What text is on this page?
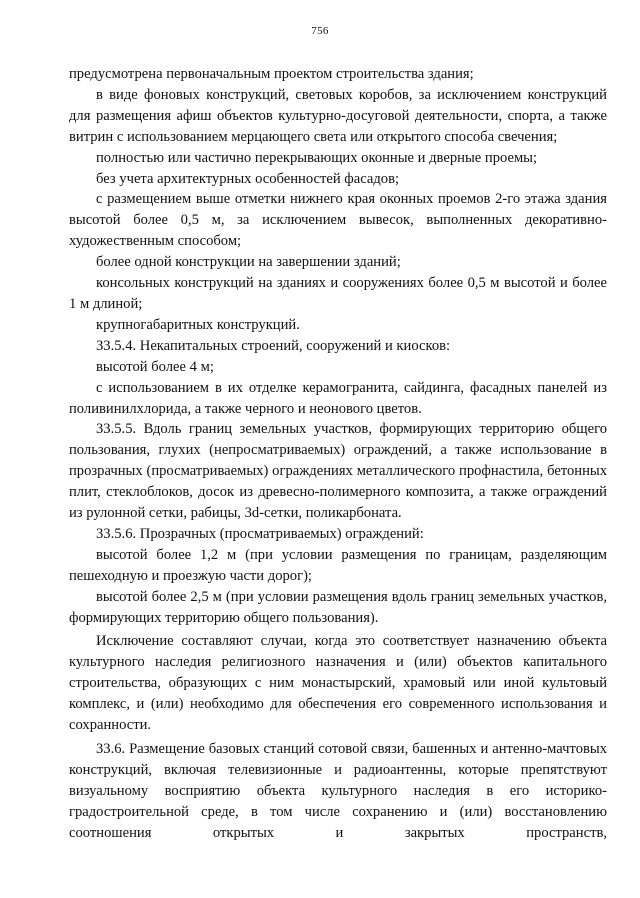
756

предусмотрена первоначальным проектом строительства здания;

в виде фоновых конструкций, световых коробов, за исключением конструкций для размещения афиш объектов культурно-досуговой деятельности, спорта, а также витрин с использованием мерцающего света или открытого способа свечения;

полностью или частично перекрывающих оконные и дверные проемы;

без учета архитектурных особенностей фасадов;

с размещением выше отметки нижнего края оконных проемов 2-го этажа здания высотой более 0,5 м, за исключением вывесок, выполненных декоративно-художественным способом;

более одной конструкции на завершении зданий;

консольных конструкций на зданиях и сооружениях более 0,5 м высотой и более 1 м длиной;

крупногабаритных конструкций.

33.5.4. Некапитальных строений, сооружений и киосков:

высотой более 4 м;

с использованием в их отделке керамогранита, сайдинга, фасадных панелей из поливинилхлорида, а также черного и неонового цветов.

33.5.5. Вдоль границ земельных участков, формирующих территорию общего пользования, глухих (непросматриваемых) ограждений, а также использование в прозрачных (просматриваемых) ограждениях металлического профнастила, бетонных плит, стеклоблоков, досок из древесно-полимерного композита, а также ограждений из рулонной сетки, рабицы, 3d-сетки, поликарбоната.

33.5.6. Прозрачных (просматриваемых) ограждений:

высотой более 1,2 м (при условии размещения по границам, разделяющим пешеходную и проезжую части дорог);

высотой более 2,5 м (при условии размещения вдоль границ земельных участков, формирующих территорию общего пользования).

Исключение составляют случаи, когда это соответствует назначению объекта культурного наследия религиозного назначения и (или) объектов капитального строительства, образующих с ним монастырский, храмовый или иной культовый комплекс, и (или) необходимо для обеспечения его современного использования и сохранности.

33.6. Размещение базовых станций сотовой связи, башенных и антенно-мачтовых конструкций, включая телевизионные и радиоантенны, которые препятствуют визуальному восприятию объекта культурного наследия в его историко-градостроительной среде, в том числе сохранению и (или) восстановлению соотношения открытых и закрытых пространств,
